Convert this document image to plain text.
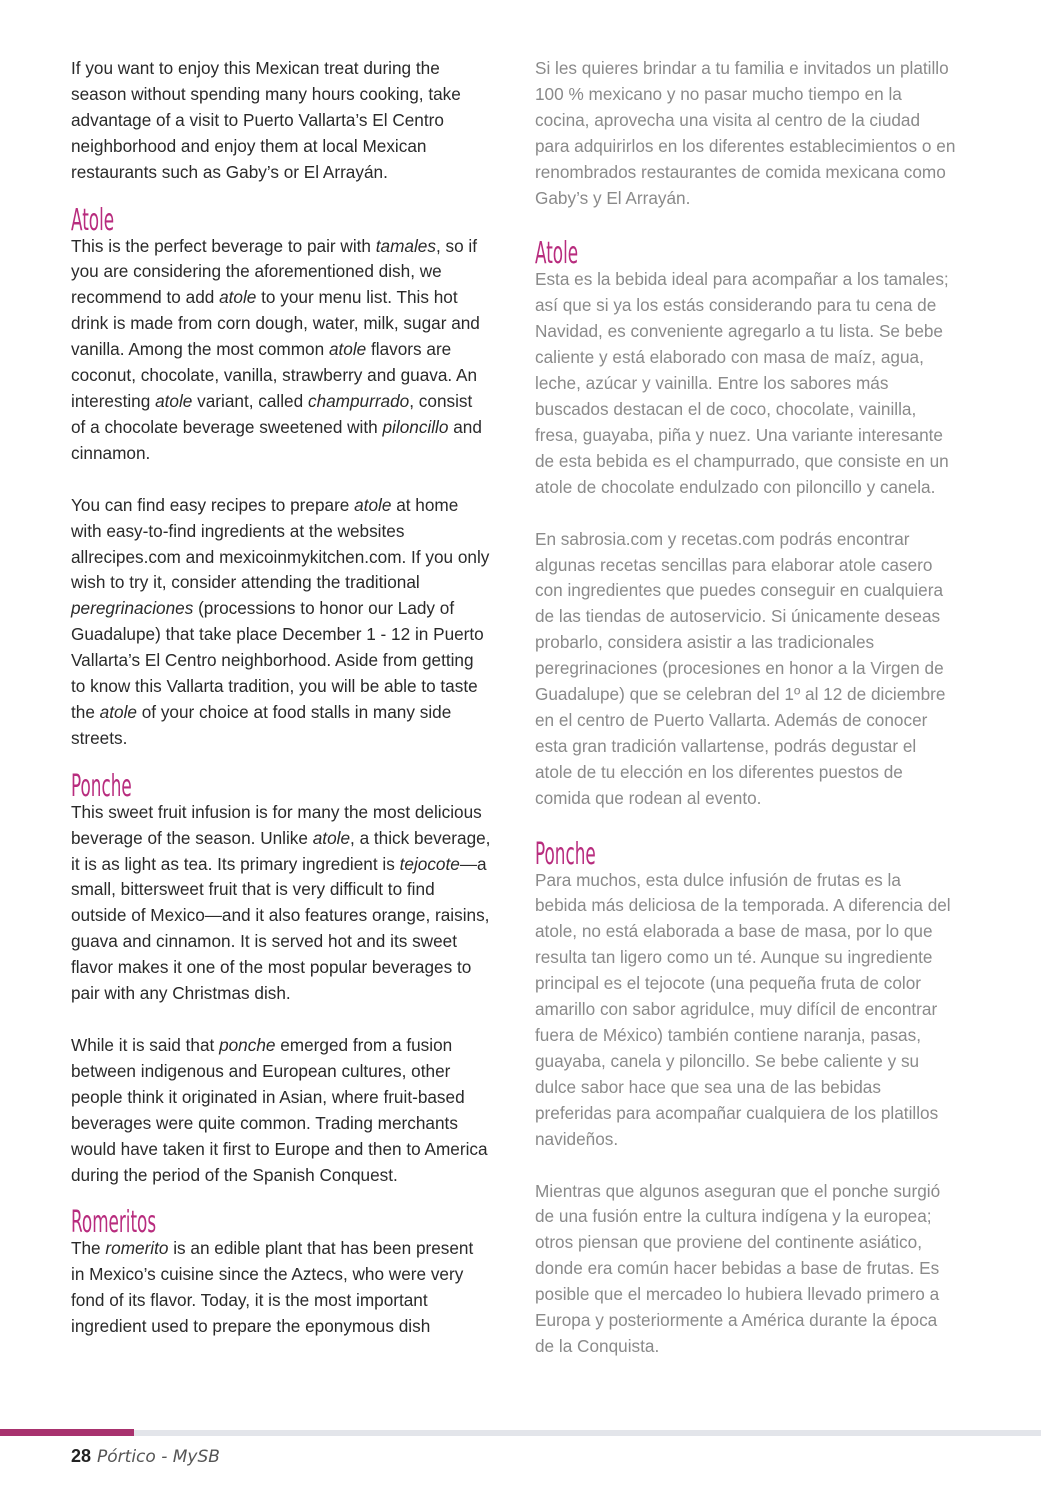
If you want to enjoy this Mexican treat during the season without spending many hours cooking, take advantage of a visit to Puerto Vallarta’s El Centro neighborhood and enjoy them at local Mexican restaurants such as Gaby’s or El Arrayán.

Atole

This is the perfect beverage to pair with tamales, so if you are considering the aforementioned dish, we recommend to add atole to your menu list. This hot drink is made from corn dough, water, milk, sugar and vanilla. Among the most common atole flavors are coconut, chocolate, vanilla, strawberry and guava. An interesting atole variant, called champurrado, consist of a chocolate beverage sweetened with piloncillo and cinnamon.

You can find easy recipes to prepare atole at home with easy-to-find ingredients at the websites allrecipes.com and mexicoinmykitchen.com. If you only wish to try it, consider attending the traditional peregrinaciones (processions to honor our Lady of Guadalupe) that take place December 1 - 12 in Puerto Vallarta’s El Centro neighborhood. Aside from getting to know this Vallarta tradition, you will be able to taste the atole of your choice at food stalls in many side streets.

Ponche

This sweet fruit infusion is for many the most delicious beverage of the season. Unlike atole, a thick beverage, it is as light as tea. Its primary ingredient is tejocote—a small, bittersweet fruit that is very difficult to find outside of Mexico—and it also features orange, raisins, guava and cinnamon. It is served hot and its sweet flavor makes it one of the most popular beverages to pair with any Christmas dish.

While it is said that ponche emerged from a fusion between indigenous and European cultures, other people think it originated in Asian, where fruit-based beverages were quite common. Trading merchants would have taken it first to Europe and then to America during the period of the Spanish Conquest.

Romeritos

The romerito is an edible plant that has been present in Mexico’s cuisine since the Aztecs, who were very fond of its flavor. Today, it is the most important ingredient used to prepare the eponymous dish

Si les quieres brindar a tu familia e invitados un platillo 100 % mexicano y no pasar mucho tiempo en la cocina, aprovecha una visita al centro de la ciudad para adquirirlos en los diferentes establecimientos o en renombrados restaurantes de comida mexicana como Gaby’s y El Arrayán.

Atole

Esta es la bebida ideal para acompañar a los tamales; así que si ya los estás considerando para tu cena de Navidad, es conveniente agregarlo a tu lista. Se bebe caliente y está elaborado con masa de maíz, agua, leche, azúcar y vainilla. Entre los sabores más buscados destacan el de coco, chocolate, vainilla, fresa, guayaba, piña y nuez. Una variante interesante de esta bebida es el champurrado, que consiste en un atole de chocolate endulzado con piloncillo y canela.

En sabrosia.com y recetas.com podrás encontrar algunas recetas sencillas para elaborar atole casero con ingredientes que puedes conseguir en cualquiera de las tiendas de autoservicio. Si únicamente deseas probarlo, considera asistir a las tradicionales peregrinaciones (procesiones en honor a la Virgen de Guadalupe) que se celebran del 1º al 12 de diciembre en el centro de Puerto Vallarta. Además de conocer esta gran tradición vallartense, podrás degustar el atole de tu elección en los diferentes puestos de comida que rodean al evento.

Ponche

Para muchos, esta dulce infusión de frutas es la bebida más deliciosa de la temporada. A diferencia del atole, no está elaborada a base de masa, por lo que resulta tan ligero como un té. Aunque su ingrediente principal es el tejocote (una pequeña fruta de color amarillo con sabor agridulce, muy difícil de encontrar fuera de México) también contiene naranja, pasas, guayaba, canela y piloncillo. Se bebe caliente y su dulce sabor hace que sea una de las bebidas preferidas para acompañar cualquiera de los platillos navideños.

Mientras que algunos aseguran que el ponche surgió de una fusión entre la cultura indígena y la europea; otros piensan que proviene del continente asiático, donde era común hacer bebidas a base de frutas. Es posible que el mercadeo lo hubiera llevado primero a Europa y posteriormente a América durante la época de la Conquista.

28 Pórtico - MySB
